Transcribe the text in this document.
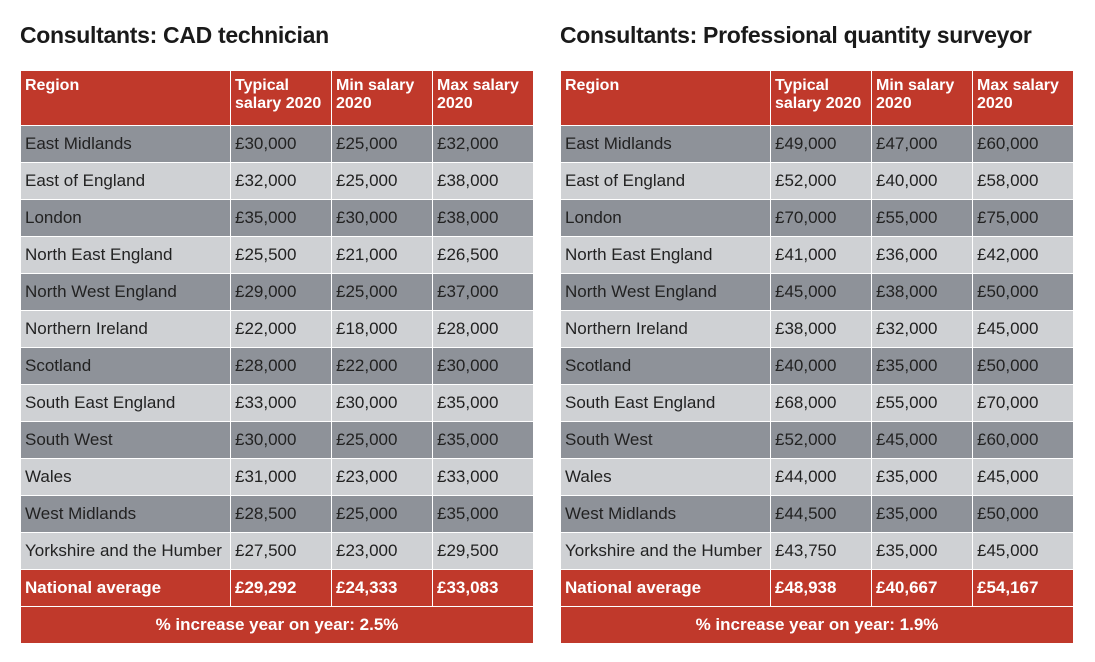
Consultants: CAD technician
Region	Typical salary 2020	Min salary 2020	Max salary 2020
East Midlands	£30,000	£25,000	£32,000
East of England	£32,000	£25,000	£38,000
London	£35,000	£30,000	£38,000
North East England	£25,500	£21,000	£26,500
North West England	£29,000	£25,000	£37,000
Northern Ireland	£22,000	£18,000	£28,000
Scotland	£28,000	£22,000	£30,000
South East England	£33,000	£30,000	£35,000
South West	£30,000	£25,000	£35,000
Wales	£31,000	£23,000	£33,000
West Midlands	£28,500	£25,000	£35,000
Yorkshire and the Humber	£27,500	£23,000	£29,500
National average	£29,292	£24,333	£33,083
% increase year on year: 2.5%			
Consultants: Professional quantity surveyor
Region	Typical salary 2020	Min salary 2020	Max salary 2020
East Midlands	£49,000	£47,000	£60,000
East of England	£52,000	£40,000	£58,000
London	£70,000	£55,000	£75,000
North East England	£41,000	£36,000	£42,000
North West England	£45,000	£38,000	£50,000
Northern Ireland	£38,000	£32,000	£45,000
Scotland	£40,000	£35,000	£50,000
South East England	£68,000	£55,000	£70,000
South West	£52,000	£45,000	£60,000
Wales	£44,000	£35,000	£45,000
West Midlands	£44,500	£35,000	£50,000
Yorkshire and the Humber	£43,750	£35,000	£45,000
National average	£48,938	£40,667	£54,167
% increase year on year: 1.9%			
